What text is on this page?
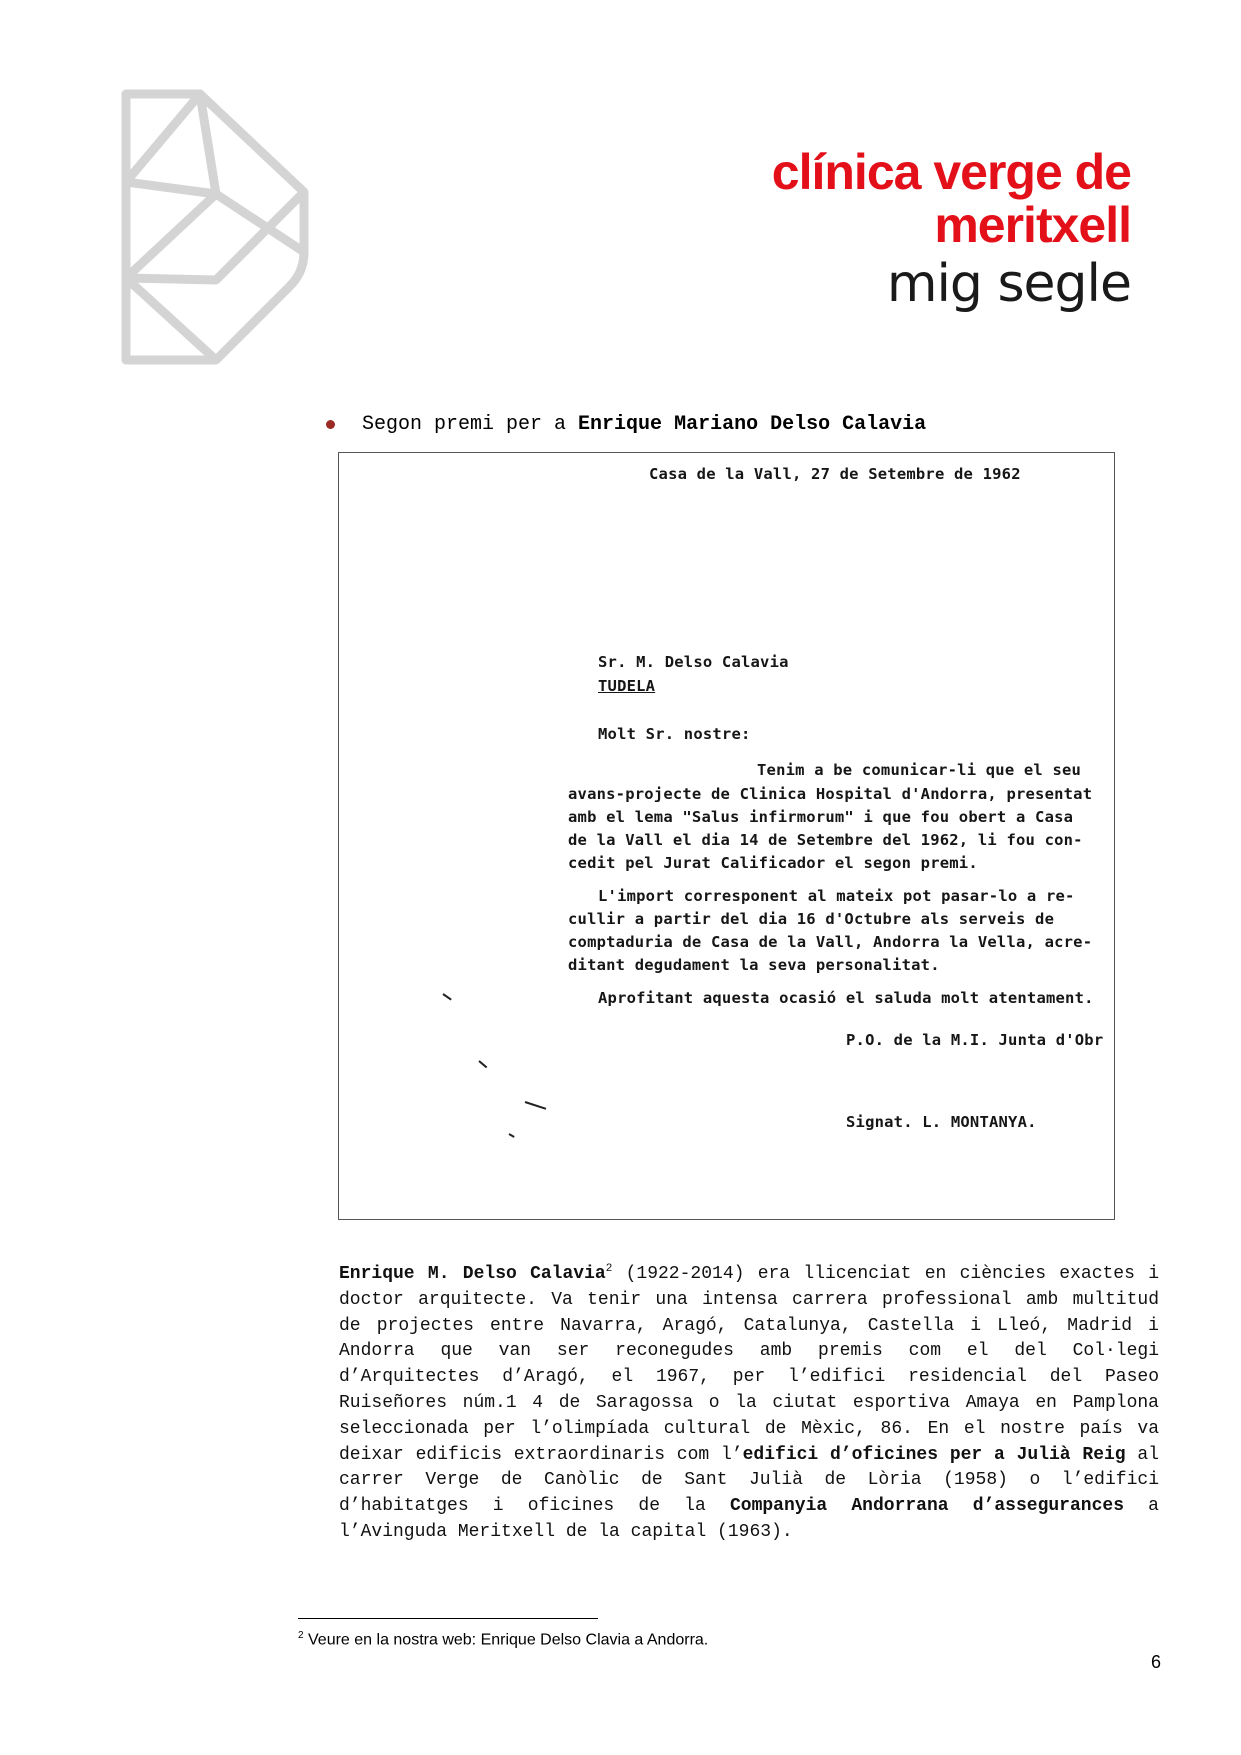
clínica verge de
meritxell
mig segle
Segon premi per a Enrique Mariano Delso Calavia
Casa de la Vall, 27 de Setembre de 1962
Sr. M. Delso Calavia
TUDELA
Molt Sr. nostre:
Tenim a be comunicar-li que el seu
avans-projecte de Clinica Hospital d'Andorra, presentat
amb el lema "Salus infirmorum" i que fou obert a Casa
de la Vall el dia 14 de Setembre del 1962, li fou con-
cedit pel Jurat Calificador el segon premi.
L'import corresponent al mateix pot pasar-lo a re-
cullir a partir del dia 16 d'Octubre als serveis de
comptaduria de Casa de la Vall, Andorra la Vella, acre-
ditant degudament la seva personalitat.
Aprofitant aquesta ocasió el saluda molt atentament.
P.O. de la M.I. Junta d'Obr
Signat. L. MONTANYA.
Enrique M. Delso Calavia$^2$ (1922-2014) era llicenciat en ciències exactes i doctor arquitecte. Va tenir una intensa carrera professional amb multitud de projectes entre Navarra, Aragó, Catalunya, Castella i Lleó, Madrid i Andorra que van ser reconegudes amb premis com el del Col·legi d’Arquitectes d’Aragó, el 1967, per l’edifici residencial del Paseo Ruiseñores núm.1 4 de Saragossa o la ciutat esportiva Amaya en Pamplona seleccionada per l’olimpíada cultural de Mèxic, 86. En el nostre país va deixar edificis extraordinaris com l’edifici d’oficines per a Julià Reig al carrer Verge de Canòlic de Sant Julià de Lòria (1958) o l’edifici d’habitatges i oficines de la Companyia Andorrana d’assegurances a l’Avinguda Meritxell de la capital (1963).
$^2$ Veure en la nostra web: Enrique Delso Clavia a Andorra.
6
